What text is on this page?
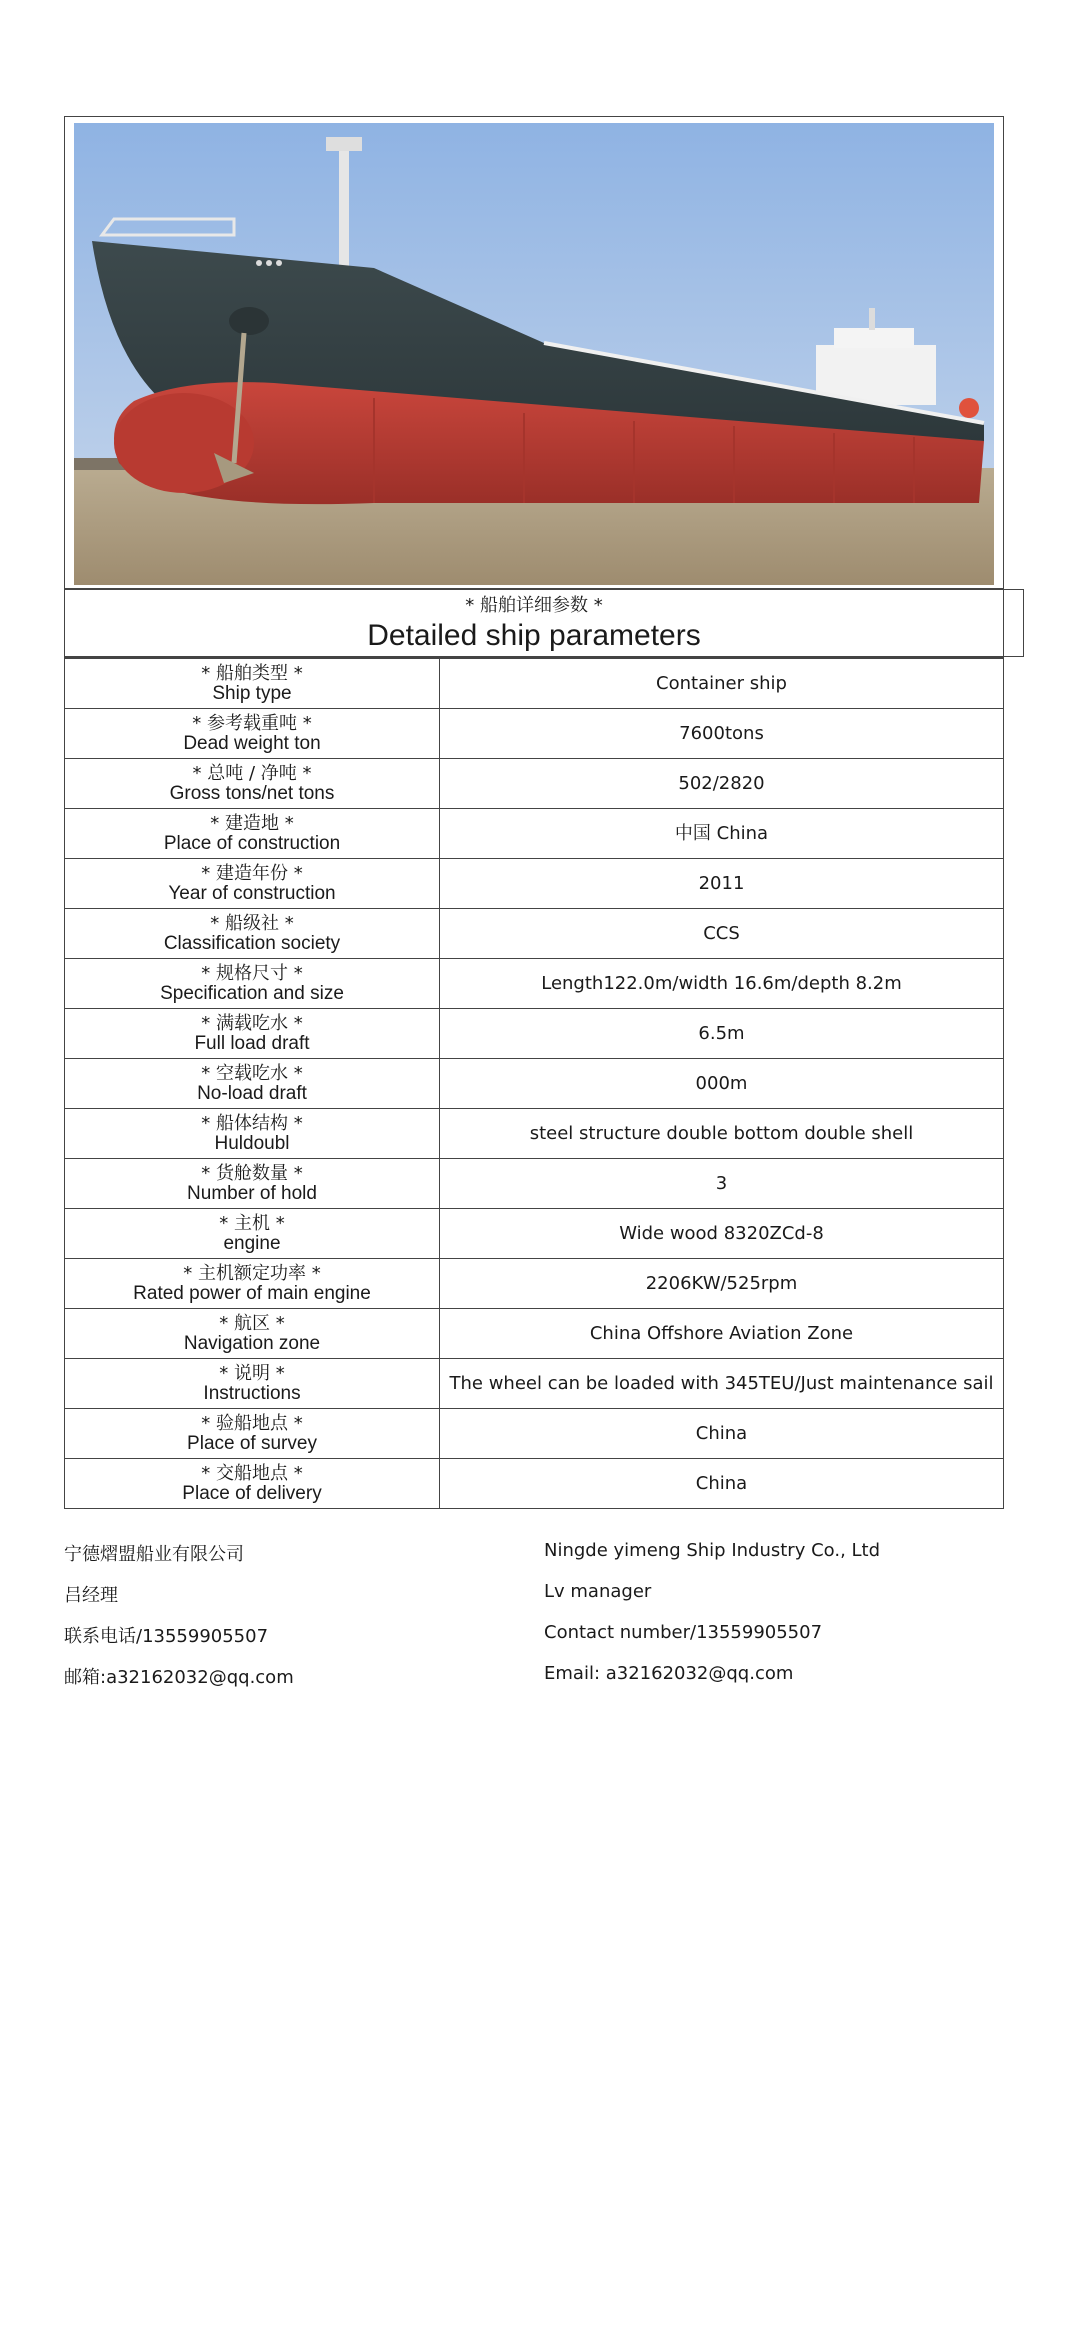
* 船舶详细参数 *
Detailed ship parameters
* 船舶类型 *
Ship type	Container ship

* 参考载重吨 *
Dead weight ton	7600tons

* 总吨 / 净吨 *
Gross tons/net tons	502/2820

* 建造地 *
Place of construction	中国 China

* 建造年份 *
Year of construction	2011

* 船级社 *
Classification society	CCS

* 规格尺寸 *
Specification and size	Length122.0m/width 16.6m/depth 8.2m

* 满载吃水 *
Full load draft	6.5m

* 空载吃水 *
No-load draft	000m

* 船体结构 *
Huldoubl	steel structure double bottom double shell

* 货舱数量 *
Number of hold	3

* 主机 *
engine	Wide wood 8320ZCd-8

* 主机额定功率 *
Rated power of main engine	2206KW/525rpm

* 航区 *
Navigation zone	China Offshore Aviation Zone

* 说明 *
Instructions	The wheel can be loaded with 345TEU/Just maintenance sail

* 验船地点 *
Place of survey	China

* 交船地点 *
Place of delivery	China
宁德熠盟船业有限公司	Ningde yimeng Ship Industry Co., Ltd
吕经理	Lv manager
联系电话/13559905507	Contact number/13559905507
邮箱:a32162032@qq.com	Email: a32162032@qq.com
